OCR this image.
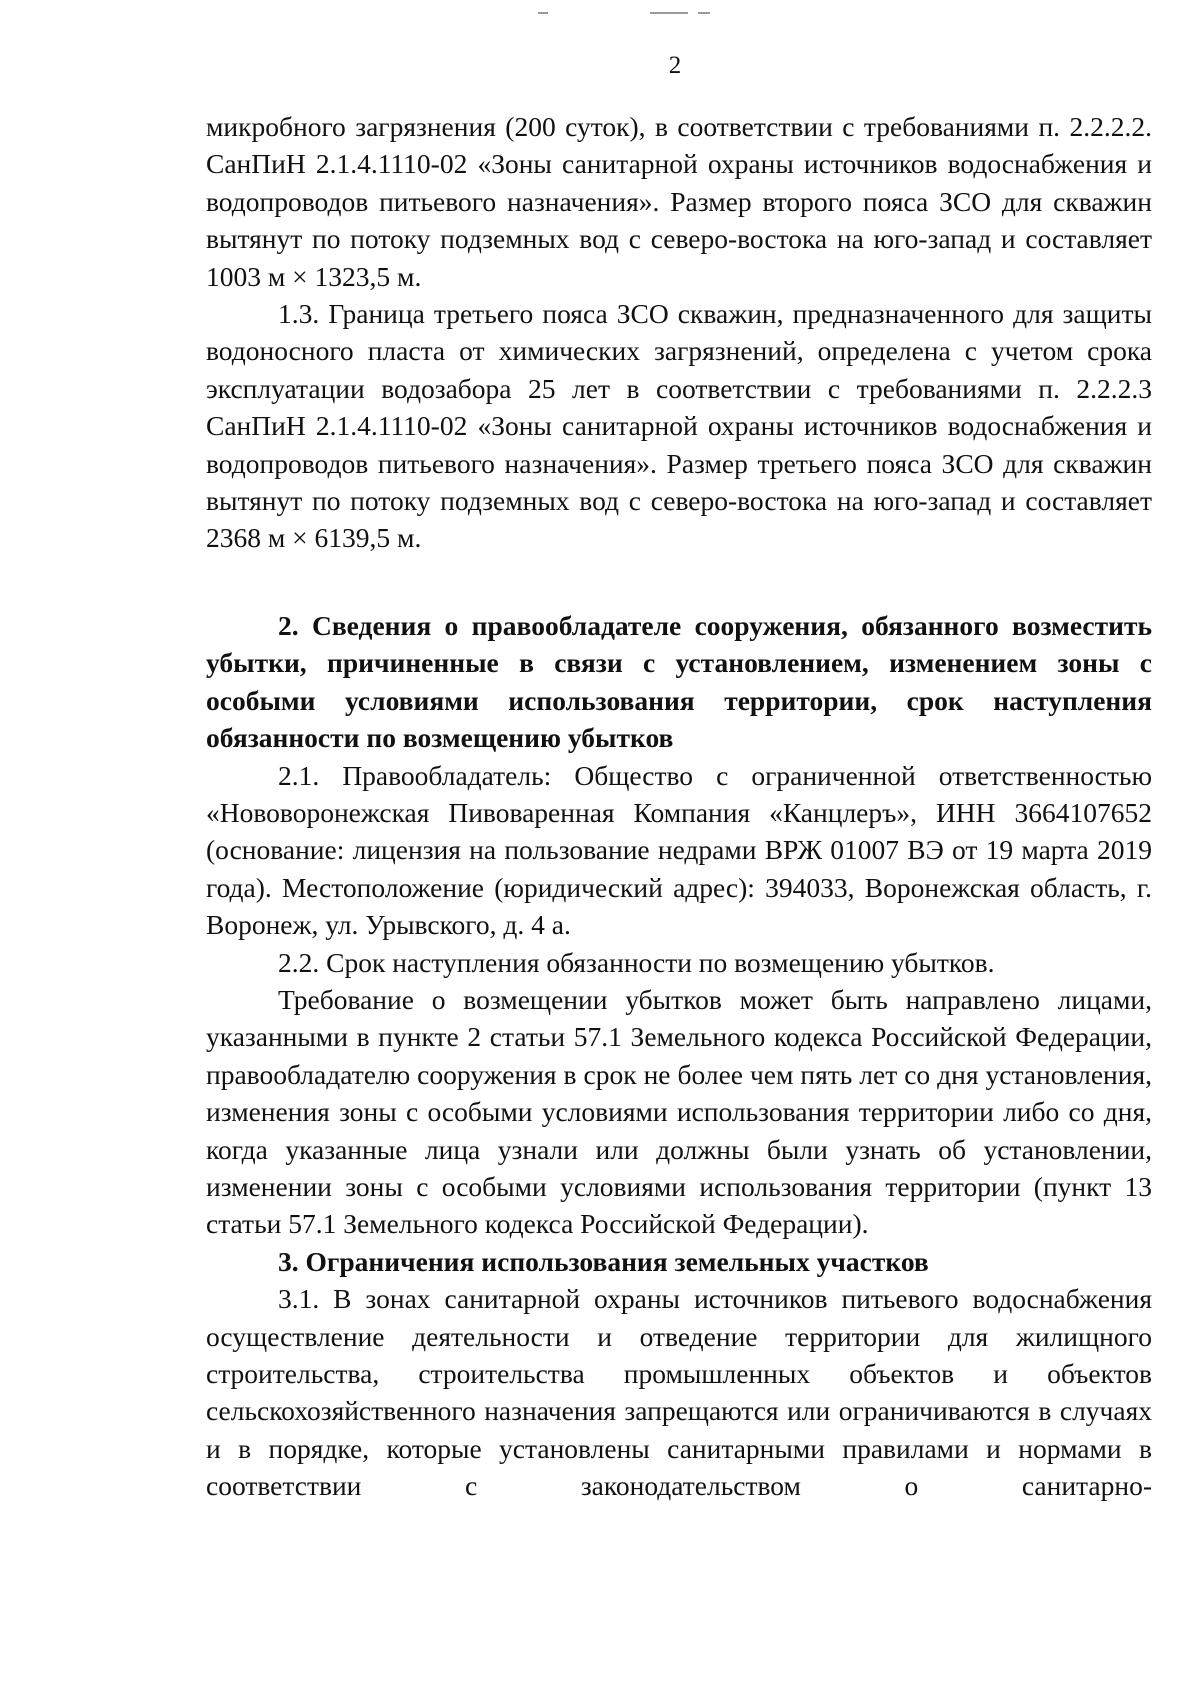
2

микробного загрязнения (200 суток), в соответствии с требованиями п. 2.2.2.2. СанПиН 2.1.4.1110-02 «Зоны санитарной охраны источников водоснабжения и водопроводов питьевого назначения». Размер второго пояса ЗСО для скважин вытянут по потоку подземных вод с северо-востока на юго-запад и составляет 1003 м × 1323,5 м.

1.3. Граница третьего пояса ЗСО скважин, предназначенного для защиты водоносного пласта от химических загрязнений, определена с учетом срока эксплуатации водозабора 25 лет в соответствии с требованиями п. 2.2.2.3 СанПиН 2.1.4.1110-02 «Зоны санитарной охраны источников водоснабжения и водопроводов питьевого назначения». Размер третьего пояса ЗСО для скважин вытянут по потоку подземных вод с северо-востока на юго-запад и составляет 2368 м × 6139,5 м.

2. Сведения о правообладателе сооружения, обязанного возместить убытки, причиненные в связи с установлением, изменением зоны с особыми условиями использования территории, срок наступления обязанности по возмещению убытков

2.1. Правообладатель: Общество с ограниченной ответственностью «Нововоронежская Пивоваренная Компания «Канцлеръ», ИНН 3664107652 (основание: лицензия на пользование недрами ВРЖ 01007 ВЭ от 19 марта 2019 года). Местоположение (юридический адрес): 394033, Воронежская область, г. Воронеж, ул. Урывского, д. 4 а.

2.2. Срок наступления обязанности по возмещению убытков.

Требование о возмещении убытков может быть направлено лицами, указанными в пункте 2 статьи 57.1 Земельного кодекса Российской Федерации, правообладателю сооружения в срок не более чем пять лет со дня установления, изменения зоны с особыми условиями использования территории либо со дня, когда указанные лица узнали или должны были узнать об установлении, изменении зоны с особыми условиями использования территории (пункт 13 статьи 57.1 Земельного кодекса Российской Федерации).

3. Ограничения использования земельных участков

3.1. В зонах санитарной охраны источников питьевого водоснабжения осуществление деятельности и отведение территории для жилищного строительства, строительства промышленных объектов и объектов сельскохозяйственного назначения запрещаются или ограничиваются в случаях и в порядке, которые установлены санитарными правилами и нормами в соответствии с законодательством о санитарно-
